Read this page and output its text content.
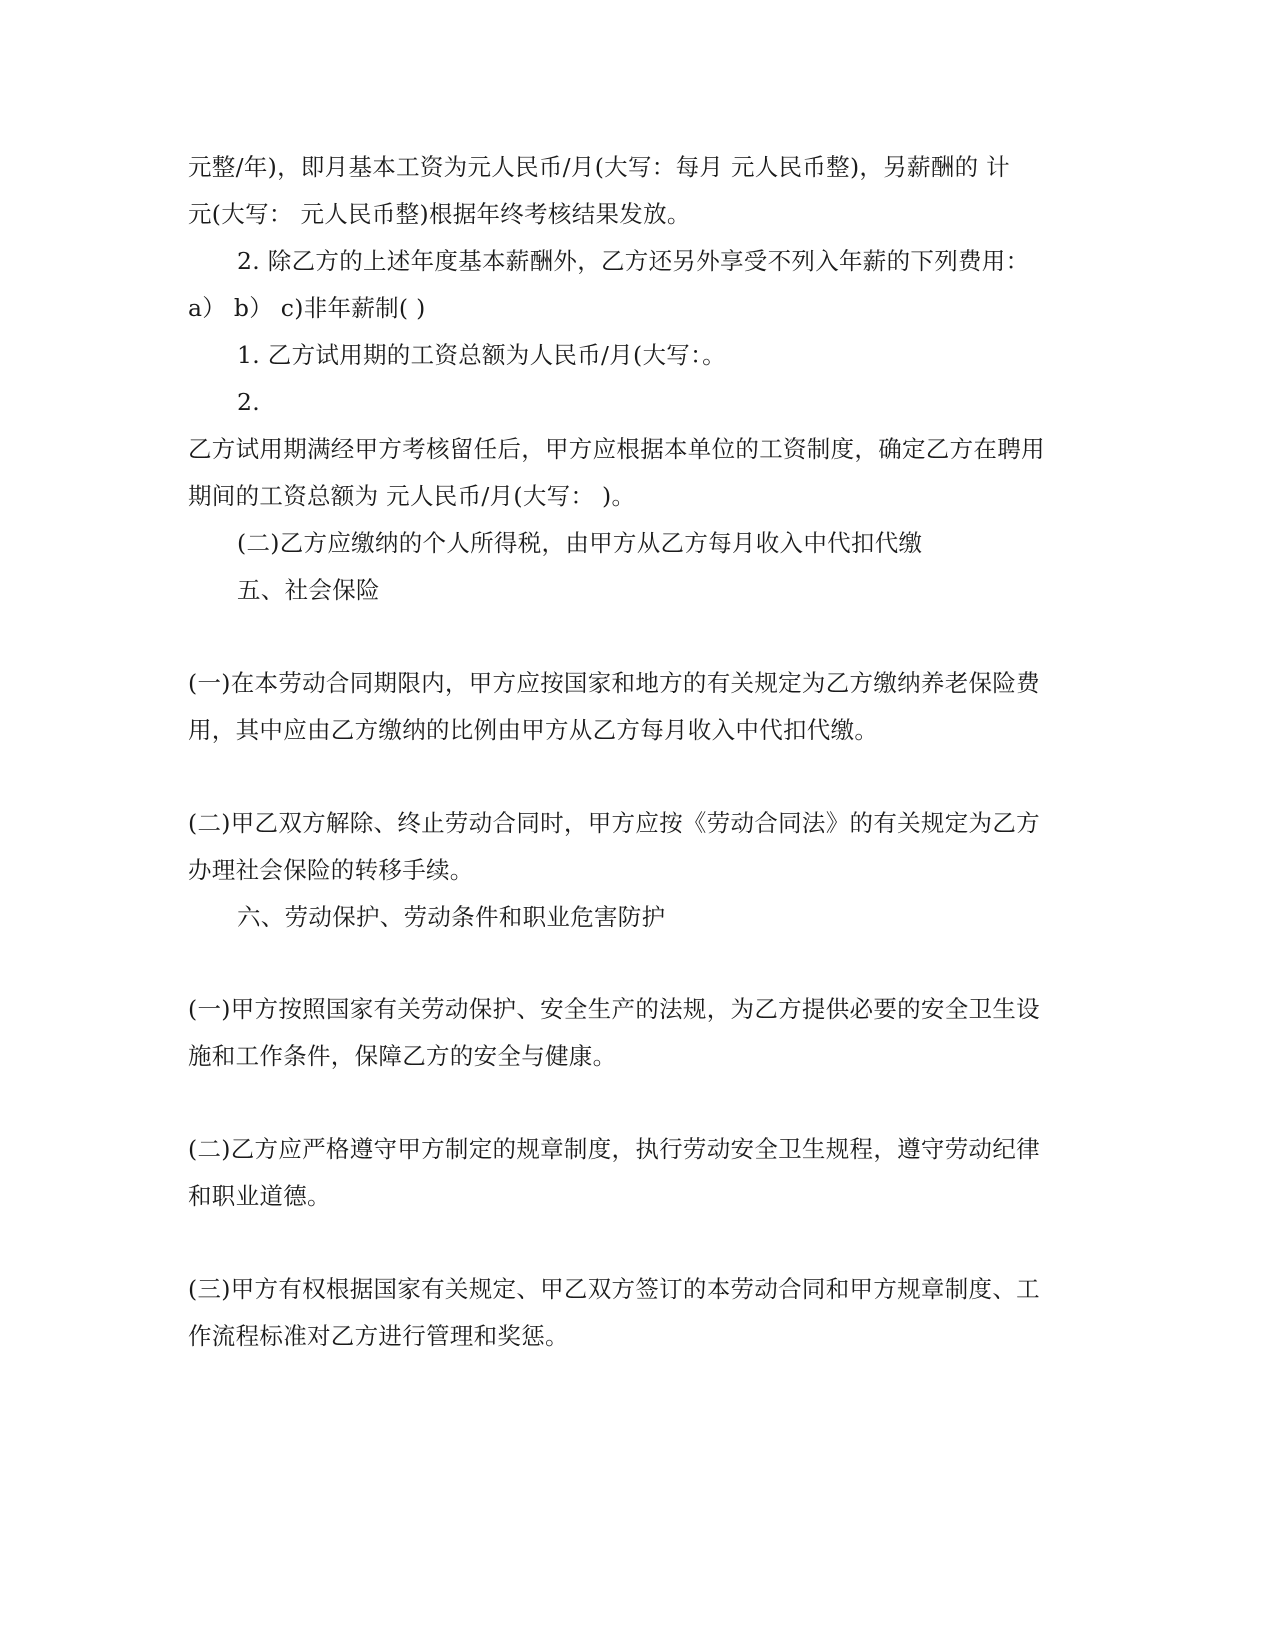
元整/年)，即月基本工资为元人民币/月(大写：每月 元人民币整)，另薪酬的 计
元(大写： 元人民币整)根据年终考核结果发放。
2. 除乙方的上述年度基本薪酬外，乙方还另外享受不列入年薪的下列费用：
a） b） c)非年薪制( )
1. 乙方试用期的工资总额为人民币/月(大写：。
2.
乙方试用期满经甲方考核留任后，甲方应根据本单位的工资制度，确定乙方在聘用
期间的工资总额为 元人民币/月(大写： )。
(二)乙方应缴纳的个人所得税，由甲方从乙方每月收入中代扣代缴
五、社会保险
(一)在本劳动合同期限内，甲方应按国家和地方的有关规定为乙方缴纳养老保险费
用，其中应由乙方缴纳的比例由甲方从乙方每月收入中代扣代缴。
(二)甲乙双方解除、终止劳动合同时，甲方应按《劳动合同法》的有关规定为乙方
办理社会保险的转移手续。
六、劳动保护、劳动条件和职业危害防护
(一)甲方按照国家有关劳动保护、安全生产的法规，为乙方提供必要的安全卫生设
施和工作条件，保障乙方的安全与健康。
(二)乙方应严格遵守甲方制定的规章制度，执行劳动安全卫生规程，遵守劳动纪律
和职业道德。
(三)甲方有权根据国家有关规定、甲乙双方签订的本劳动合同和甲方规章制度、工
作流程标准对乙方进行管理和奖惩。
